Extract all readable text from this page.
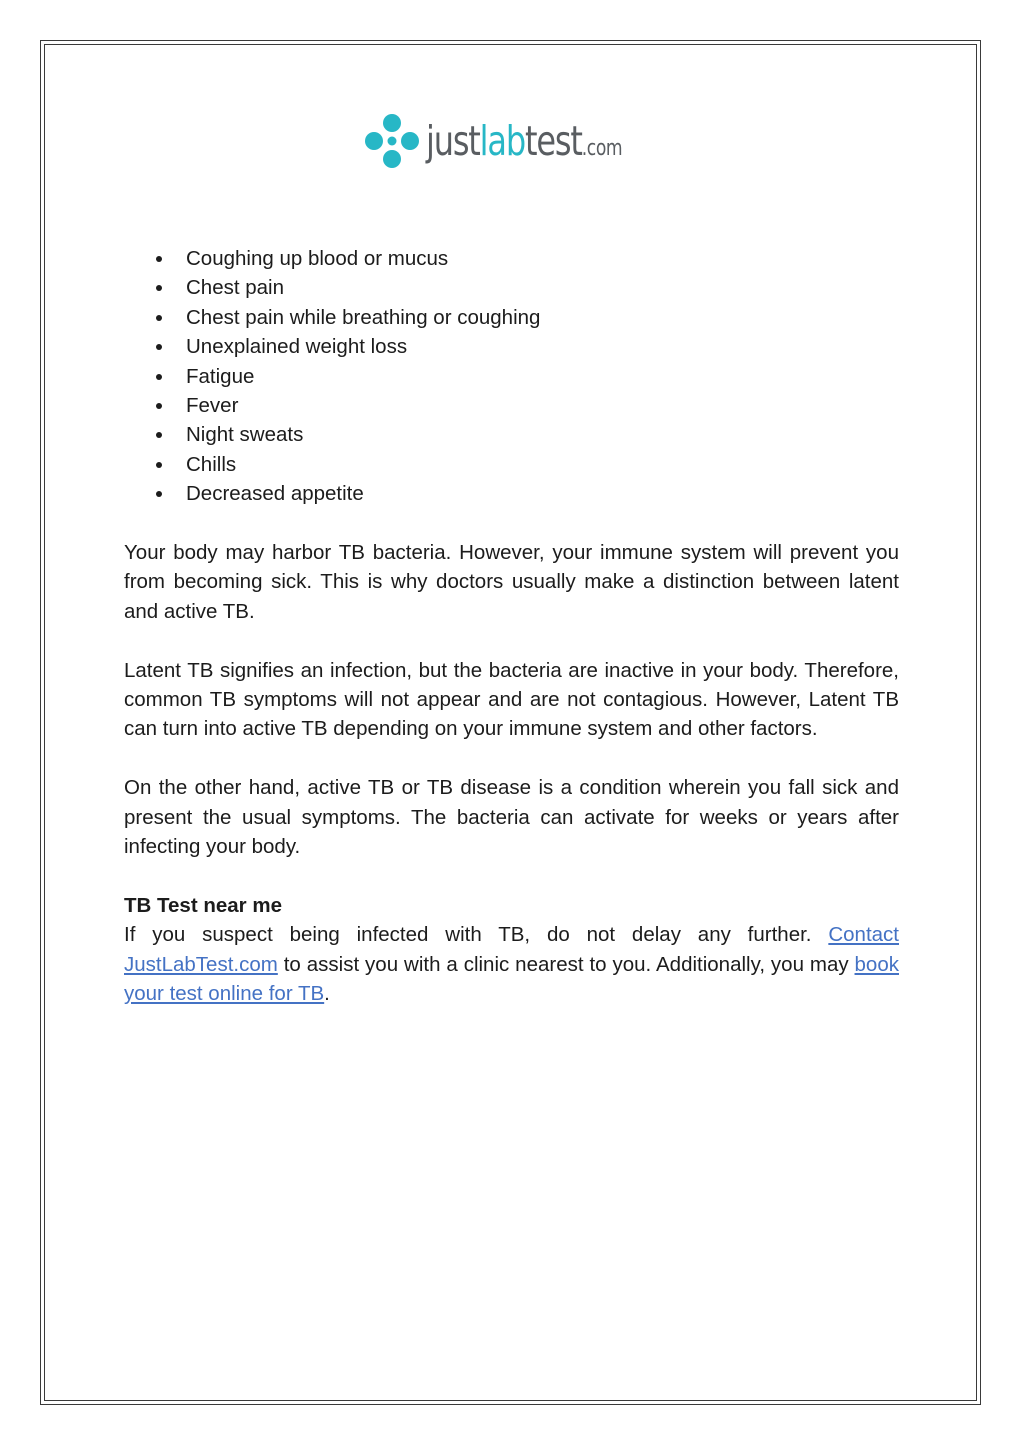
justlabtest.com
Coughing up blood or mucus
Chest pain
Chest pain while breathing or coughing
Unexplained weight loss
Fatigue
Fever
Night sweats
Chills
Decreased appetite

Your body may harbor TB bacteria. However, your immune system will prevent you from becoming sick. This is why doctors usually make a distinction between latent and active TB.

Latent TB signifies an infection, but the bacteria are inactive in your body. Therefore, common TB symptoms will not appear and are not contagious. However, Latent TB can turn into active TB depending on your immune system and other factors.

On the other hand, active TB or TB disease is a condition wherein you fall sick and present the usual symptoms. The bacteria can activate for weeks or years after infecting your body.

TB Test near me

If you suspect being infected with TB, do not delay any further. Contact JustLabTest.com to assist you with a clinic nearest to you. Additionally, you may book your test online for TB.
